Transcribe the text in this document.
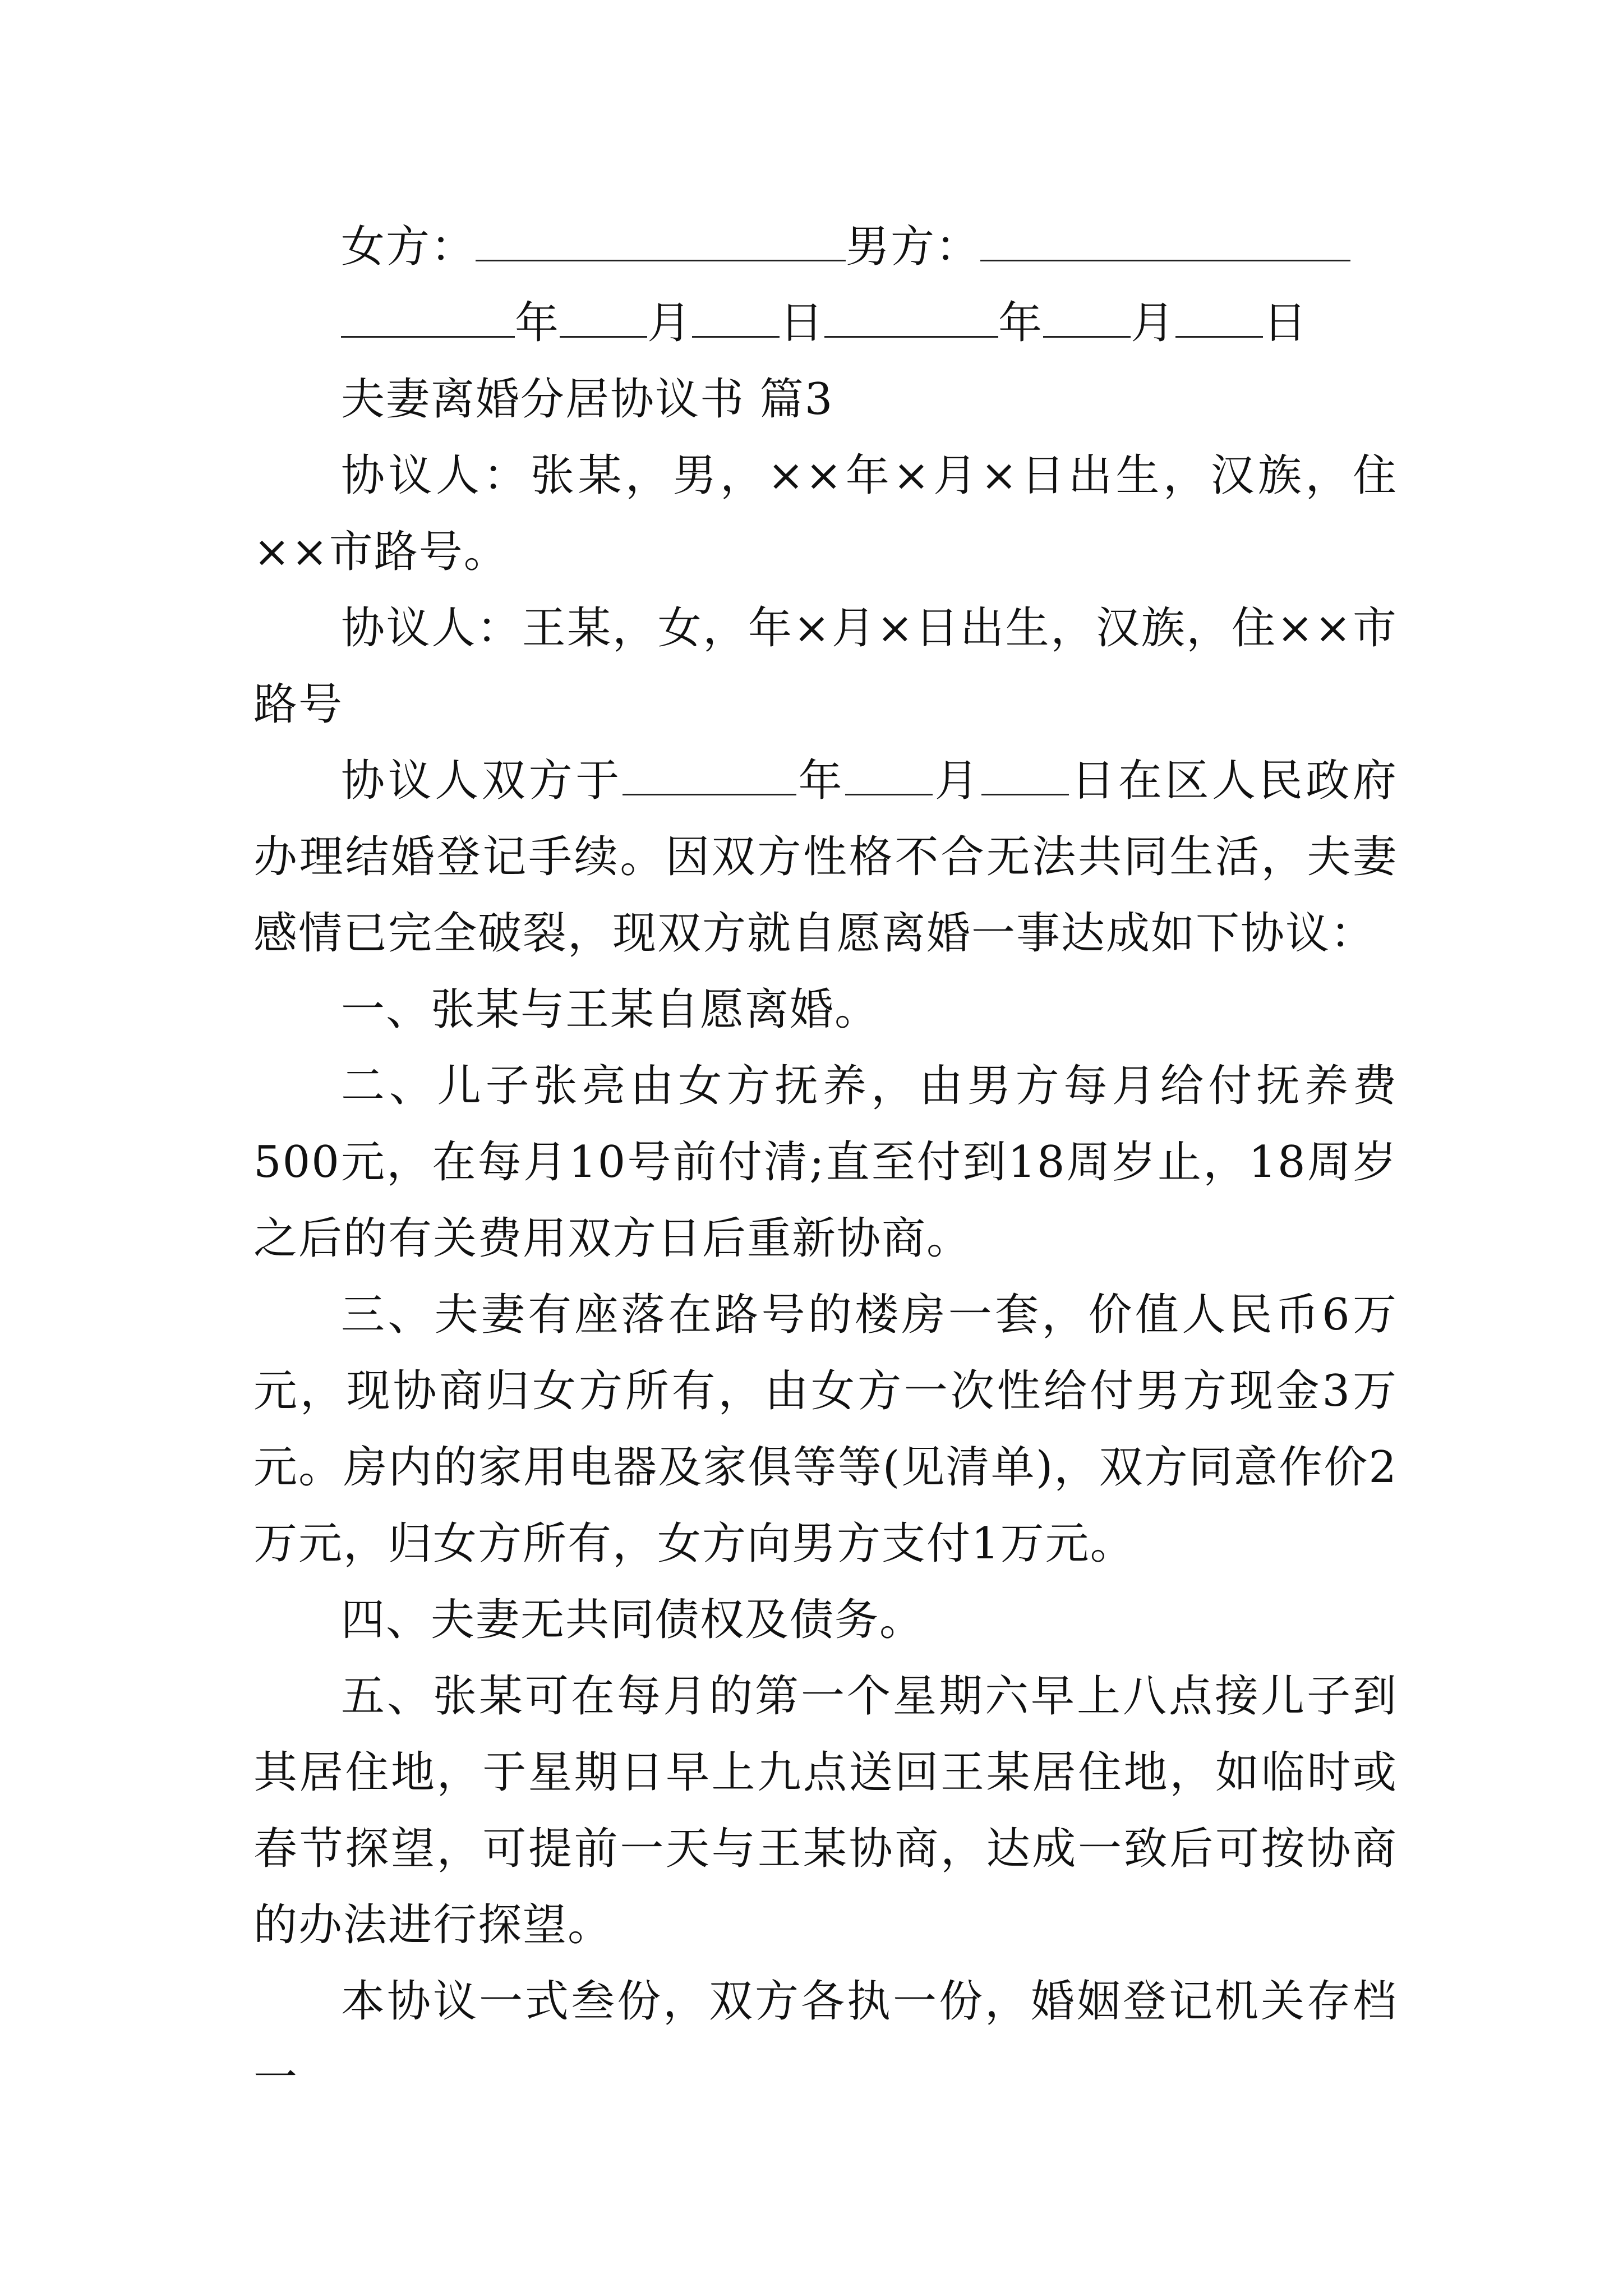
女方：	男方：
年 月 日	年 月 日

夫妻离婚分居协议书 篇3

协议人：张某，男，××年×月×日出生，汉族，住××市路号。

协议人：王某，女，年×月×日出生，汉族，住××市路号

协议人双方于	年 月 日在区人民政府办理结婚登记手续。因双方性格不合无法共同生活，夫妻感情已完全破裂，现双方就自愿离婚一事达成如下协议：

一、张某与王某自愿离婚。

二、儿子张亮由女方抚养，由男方每月给付抚养费500元，在每月10号前付清;直至付到18周岁止，18周岁之后的有关费用双方日后重新协商。

三、夫妻有座落在路号的楼房一套，价值人民币6万元，现协商归女方所有，由女方一次性给付男方现金3万元。房内的家用电器及家俱等等(见清单)，双方同意作价2万元，归女方所有，女方向男方支付1万元。

四、夫妻无共同债权及债务。

五、张某可在每月的第一个星期六早上八点接儿子到其居住地，于星期日早上九点送回王某居住地，如临时或春节探望，可提前一天与王某协商，达成一致后可按协商的办法进行探望。

本协议一式叁份，双方各执一份，婚姻登记机关存档一
